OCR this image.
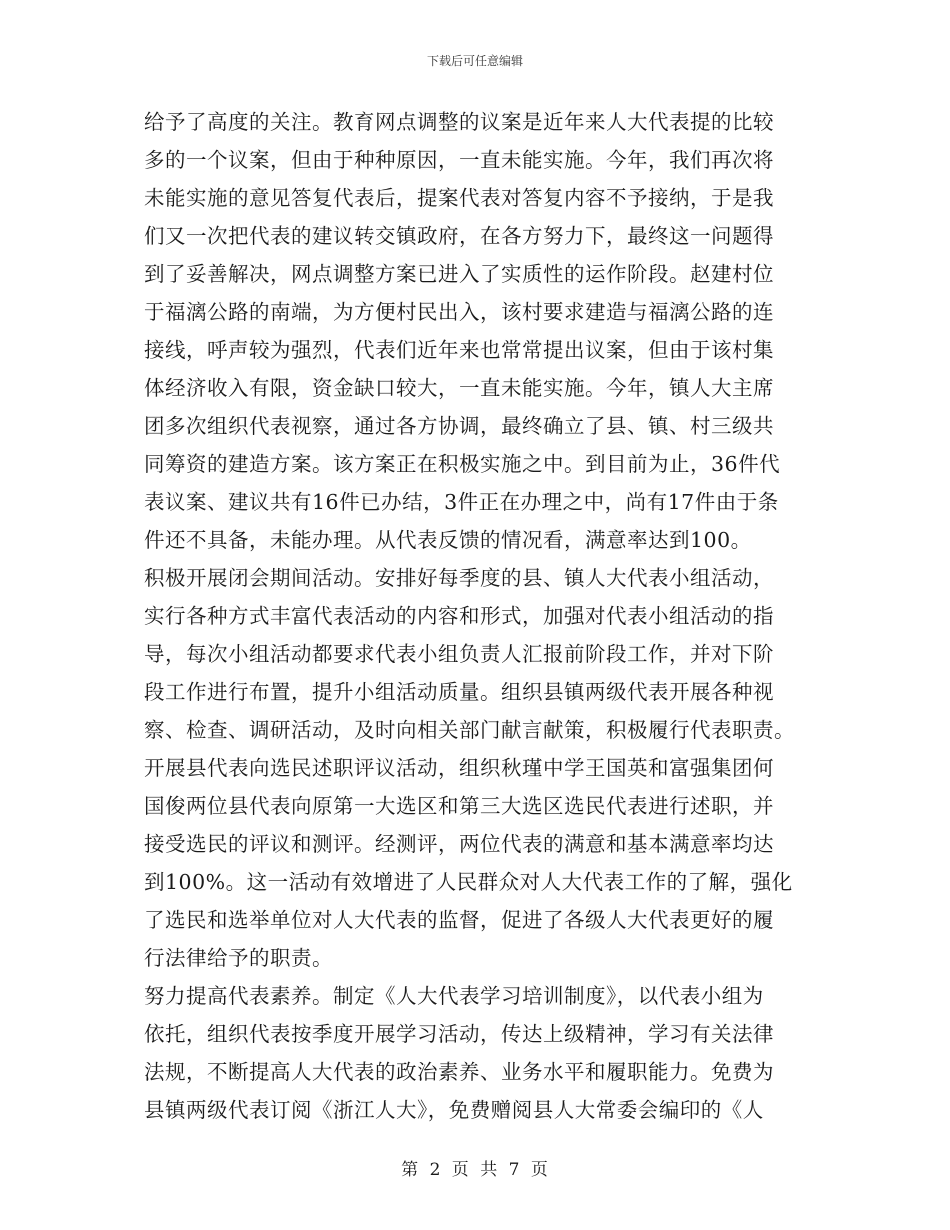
下载后可任意编辑
给予了高度的关注。教育网点调整的议案是近年来人大代表提的比较
多的一个议案，但由于种种原因，一直未能实施。今年，我们再次将
未能实施的意见答复代表后，提案代表对答复内容不予接纳，于是我
们又一次把代表的建议转交镇政府，在各方努力下，最终这一问题得
到了妥善解决，网点调整方案已进入了实质性的运作阶段。赵建村位
于福漓公路的南端，为方便村民出入，该村要求建造与福漓公路的连
接线，呼声较为强烈，代表们近年来也常常提出议案，但由于该村集
体经济收入有限，资金缺口较大，一直未能实施。今年，镇人大主席
团多次组织代表视察，通过各方协调，最终确立了县、镇、村三级共
同筹资的建造方案。该方案正在积极实施之中。到目前为止，36件代
表议案、建议共有16件已办结，3件正在办理之中，尚有17件由于条
件还不具备，未能办理。从代表反馈的情况看，满意率达到100。
积极开展闭会期间活动。安排好每季度的县、镇人大代表小组活动，
实行各种方式丰富代表活动的内容和形式，加强对代表小组活动的指
导，每次小组活动都要求代表小组负责人汇报前阶段工作，并对下阶
段工作进行布置，提升小组活动质量。组织县镇两级代表开展各种视
察、检查、调研活动，及时向相关部门献言献策，积极履行代表职责。
开展县代表向选民述职评议活动，组织秋瑾中学王国英和富强集团何
国俊两位县代表向原第一大选区和第三大选区选民代表进行述职，并
接受选民的评议和测评。经测评，两位代表的满意和基本满意率均达
到100%。这一活动有效增进了人民群众对人大代表工作的了解，强化
了选民和选举单位对人大代表的监督，促进了各级人大代表更好的履
行法律给予的职责。
努力提高代表素养。制定《人大代表学习培训制度》，以代表小组为
依托，组织代表按季度开展学习活动，传达上级精神，学习有关法律
法规，不断提高人大代表的政治素养、业务水平和履职能力。免费为
县镇两级代表订阅《浙江人大》，免费赠阅县人大常委会编印的《人
第 2 页 共 7 页
